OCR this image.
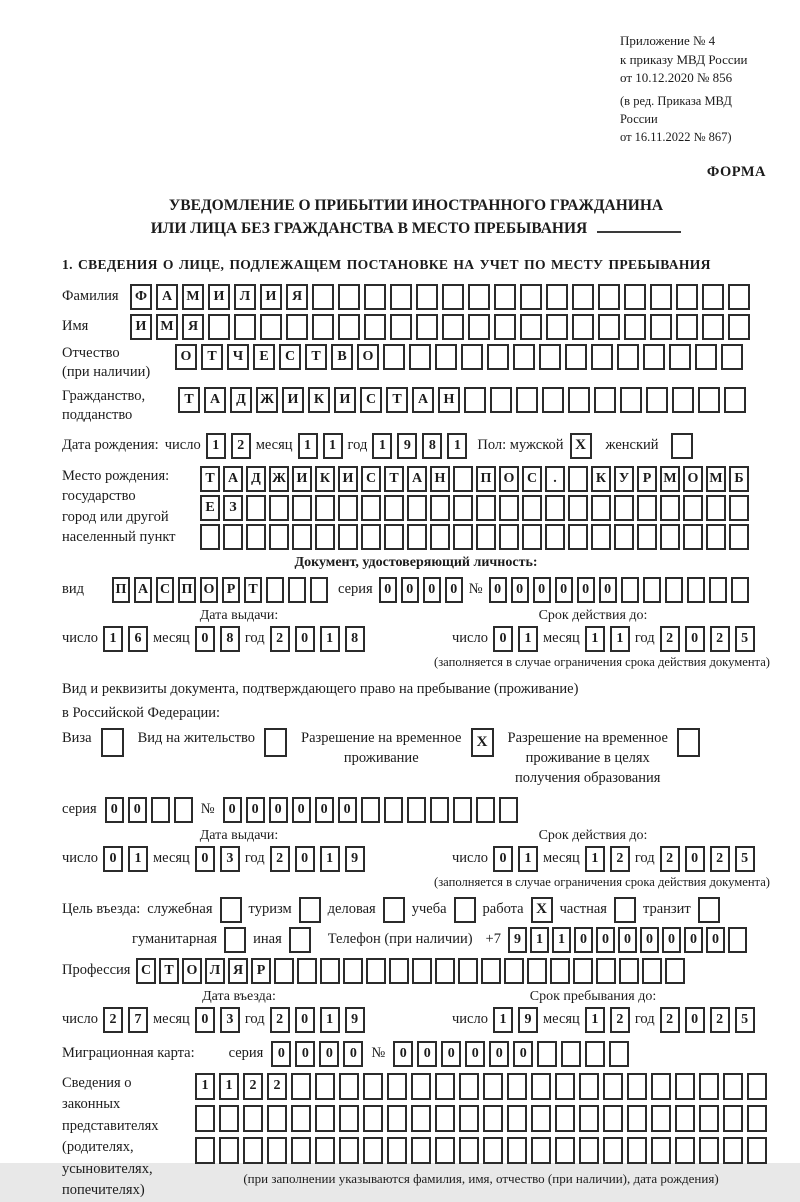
Приложение № 4
к приказу МВД России
от 10.12.2020 № 856
(в ред. Приказа МВД России
от 16.11.2022 № 867)
ФОРМА
УВЕДОМЛЕНИЕ О ПРИБЫТИИ ИНОСТРАННОГО ГРАЖДАНИНА
ИЛИ ЛИЦА БЕЗ ГРАЖДАНСТВА В МЕСТО ПРЕБЫВАНИЯ
1. СВЕДЕНИЯ О ЛИЦЕ, ПОДЛЕЖАЩЕМ ПОСТАНОВКЕ НА УЧЕТ ПО МЕСТУ ПРЕБЫВАНИЯ
Фамилия	Ф	А	М И	Л	И	Я
Имя	И М	Я
Отчество
(при наличии)
О	Т	Ч	Е	С	Т	В	О
Гражданство,
подданство
Т	А	Д	Ж И	К	И	С	Т	А	Н
Дата рождения: число 1	2 месяц 1	1 год 1	9	8	1	Пол: мужской X	женский
Место рождения:
государство
город или другой
населенный пункт
Т А Д Ж И К И С Т А Н	П О С	.	К У Р М О М Б
Е	З
Документ, удостоверяющий личность:
вид	П А С П О Р Т	серия 0	0	0	0 № 0	0	0	0	0	0
Дата выдачи:
число 1	6 месяц 0	8 год 2	0	1	8
Срок действия до:
число 0	1 месяц 1	1 год 2	0	2	5
(заполняется в случае ограничения срока действия документа)
Вид и реквизиты документа, подтверждающего право на пребывание (проживание)
в Российской Федерации:
Виза	Вид на жительство	Разрешение на временное
проживание
X	Разрешение на временное
проживание в целях
получения образования
серия	0	0	№	0	0	0	0	0	0
Дата выдачи:
число 0	1 месяц 0	3 год 2	0	1	9
Срок действия до:
число 0	1 месяц 1	2 год 2	0	2	5
(заполняется в случае ограничения срока действия документа)
Цель въезда: служебная туризм деловая учеба работа X частная транзит
гуманитарная иная	Телефон (при наличии) +7 9	1	1	0	0	0	0	0	0	0
Профессия С Т О Л Я Р
Дата въезда:
число 2	7 месяц 0	3 год 2	0	1	9
Срок пребывания до:
число 1	9 месяц 1	2 год 2	0	2	5
Миграционная карта: серия	0	0	0	0	№	0	0	0	0	0	0
Сведения о
законных
представителях
(родителях,
усыновителях,
попечителях)
1	1	2	2
(при заполнении указываются фамилия, имя, отчество (при наличии), дата рождения)
